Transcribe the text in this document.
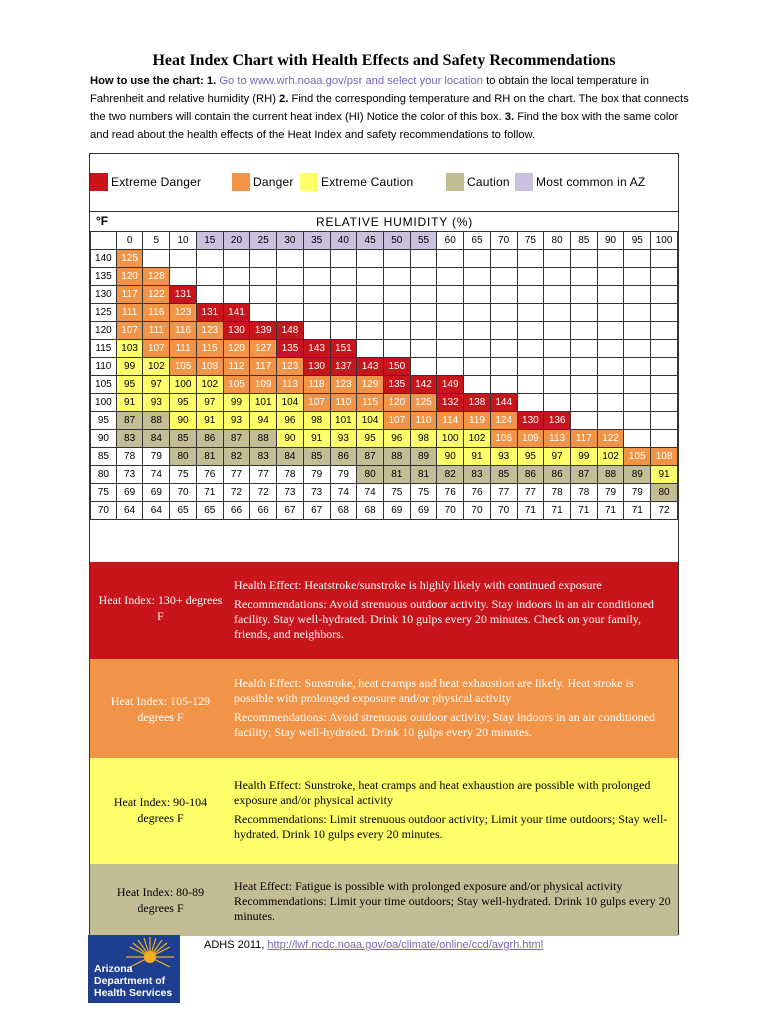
Heat Index Chart with Health Effects and Safety Recommendations
How to use the chart: 1. Go to www.wrh.noaa.gov/psr and select your location to obtain the local temperature in Fahrenheit and relative humidity (RH) 2. Find the corresponding temperature and RH on the chart. The box that connects the two numbers will contain the current heat index (HI) Notice the color of this box. 3. Find the box with the same color and read about the health effects of the Heat Index and safety recommendations to follow.
Extreme Danger	Danger Extreme Caution	Caution Most common in AZ
°F	RELATIVE HUMIDITY (%)
	0	5	10	15	20	25	30	35	40	45	50	55	60	65	70	75	80	85	90	95	100
140	125																				
135	120	128																			
130	117	122	131																		
125	111	116	123	131	141																
120	107	111	116	123	130	139	148														
115	103	107	111	115	120	127	135	143	151												
110	99	102	105	108	112	117	123	130	137	143	150										
105	95	97	100	102	105	109	113	118	123	129	135	142	149								
100	91	93	95	97	99	101	104	107	110	115	120	125	132	138	144						
95	87	88	90	91	93	94	96	98	101	104	107	110	114	119	124	130	136				
90	83	84	85	86	87	88	90	91	93	95	96	98	100	102	106	109	113	117	122		
85	78	79	80	81	82	83	84	85	86	87	88	89	90	91	93	95	97	99	102	105	108
80	73	74	75	76	77	77	78	79	79	80	81	81	82	83	85	86	86	87	88	89	91
75	69	69	70	71	72	72	73	73	74	74	75	75	76	76	77	77	78	78	79	79	80
70	64	64	65	65	66	66	67	67	68	68	69	69	70	70	70	71	71	71	71	71	72
Heat Index: 130+ degrees F

Health Effect: Heatstroke/sunstroke is highly likely with continued exposure

Recommendations: Avoid strenuous outdoor activity. Stay indoors in an air conditioned facility. Stay well-hydrated. Drink 10 gulps every 20 minutes. Check on your family, friends, and neighbors.

Heat Index: 105-129 degrees F

Health Effect: Sunstroke, heat cramps and heat exhaustion are likely. Heat stroke is possible with prolonged exposure and/or physical activity

Recommendations: Avoid strenuous outdoor activity; Stay indoors in an air conditioned facility; Stay well-hydrated. Drink 10 gulps every 20 minutes.

Heat Index: 90-104 degrees F

Health Effect: Sunstroke, heat cramps and heat exhaustion are possible with prolonged exposure and/or physical activity

Recommendations: Limit strenuous outdoor activity; Limit your time outdoors; Stay well-hydrated. Drink 10 gulps every 20 minutes.

Heat Index: 80-89 degrees F

Heat Effect: Fatigue is possible with prolonged exposure and/or physical activity

Recommendations: Limit your time outdoors; Stay well-hydrated. Drink 10 gulps every 20 minutes.

Arizona
Department of
Health Services
ADHS 2011, http://lwf.ncdc.noaa.gov/oa/climate/online/ccd/avgrh.html
